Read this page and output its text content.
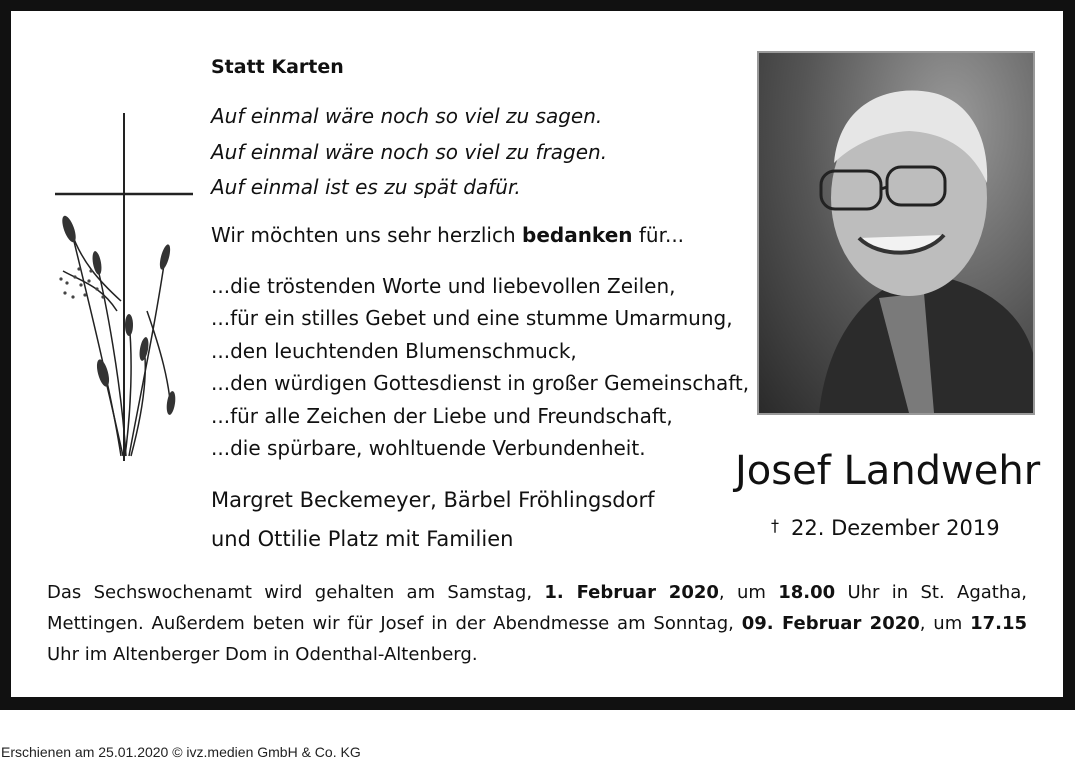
Statt Karten
Auf einmal wäre noch so viel zu sagen.
Auf einmal wäre noch so viel zu fragen.
Auf einmal ist es zu spät dafür.
Wir möchten uns sehr herzlich bedanken für...
...die tröstenden Worte und liebevollen Zeilen,
...für ein stilles Gebet und eine stumme Umarmung,
...den leuchtenden Blumenschmuck,
...den würdigen Gottesdienst in großer Gemeinschaft,
...für alle Zeichen der Liebe und Freundschaft,
...die spürbare, wohltuende Verbundenheit.
Margret Beckemeyer, Bärbel Fröhlingsdorf
und Ottilie Platz mit Familien
Josef Landwehr
† 22. Dezember 2019
Das Sechswochenamt wird gehalten am Samstag, 1. Februar 2020, um 18.00 Uhr in St. Agatha, Mettingen. Außerdem beten wir für Josef in der Abendmesse am Sonntag, 09. Februar 2020, um 17.15 Uhr im Altenberger Dom in Odenthal-Altenberg.
Erschienen am 25.01.2020 © ivz.medien GmbH & Co. KG
